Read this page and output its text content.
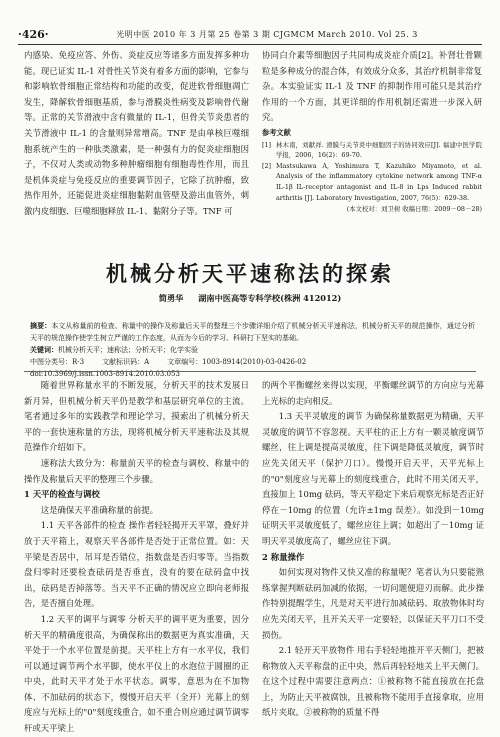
·426·	光明中医 2010 年 3 月第 25 卷第 3 期 CJGMCM March 2010. Vol 25. 3

内感染、免疫应答、外伤、炎症反应等诸多方面发挥多种功能。现已证实 IL-1 对骨性关节炎有着多方面的影响，它参与和影响软骨细胞正常结构和功能的改变，促进软骨细胞凋亡发生，降解软骨细胞基质，参与滑膜炎性病变及影响骨代谢等。正常的关节滑液中含有微量的 IL-1，但骨关节炎患者的关节滑液中 IL-1 的含量则异常增高。TNF 是由单核巨噬细胞系统产生的一种肽类激素，是一种强有力的促炎症细胞因子，不仅对人类或动物多种肿瘤细胞有细胞毒性作用，而且是机体炎症与免疫反应的重要调节因子，它除了抗肿瘤，致热作用外，还能促进炎症细胞黏附血管壁及游出血管外，刺激内皮细胞、巨噬细胞释放 IL-1、黏附分子等。TNF 可

协同白介素等细胞因子共同构成炎症介质[2]。补肾壮骨颗粒是多种成分的混合体，有效成分众多，其治疗机制非常复杂。本实验证实 IL-1 及 TNF 的抑制作用可能只是其治疗作用的一个方面，其更详细的作用机制还需进一步深入研究。

参考文献
[1] 林木南，刘献祥. 滑膜与关节炎中细胞因子的协同效应[J]. 福建中医学院学报，2006，16(2)：69-70.
[2] Mastsukawa A, Yoshimura T, Kazuhiko Miyamoto, et al. Analysis of the inflammatory cytokine network among TNF-α IL-1β IL-receptor antagonist and IL-8 in Lps Induced rabbit arthritis [J]. Laboratory Investigation, 2007, 76(5)：629-38.
(本文校对：刘卫树 收稿日期：2009－08－28)
机械分析天平速称法的探索
简勇华 湖南中医高等专科学校(株洲 412012)

摘要：本文从称量前的检查、称量中的操作及称量后天平的整理三个步骤详细介绍了机械分析天平速称法，机械分析天平的规范操作，通过分析天平的规范操作使学生树立严谨的工作态度，从而为今后的学习、科研打下坚实的基础。

关键词：机械分析天平；速称法；分析天平；化学实验

中图分类号：R-3	文献标识码：A	文章编号：1003-8914(2010)-03-0426-02

doi:10.3969/j.issn.1003-8914.2010.03.053

随着世界称量水平的不断发展，分析天平的技术发展日新月异，但机械分析天平仍是教学和基层研究单位的主流。笔者通过多年的实践教学和理论学习，摸索出了机械分析天平的一套快速称量的方法，现将机械分析天平速称法及其规范操作介绍如下。

速称法大致分为：称量前天平的检查与调校、称量中的操作及称量后天平的整理三个步骤。

1 天平的检查与调校

这是确保天平准确称量的前提。

1.1 天平各部件的检查 操作者轻轻揭开天平罩，叠好并放于天平箱上，观察天平各部件是否处于正常位置。如：天平梁是否居中，吊耳是否错位，指数盘是否归零等。当指数盘归零时还要检查砝码是否垂直，没有的要在砝码盒中找出，砝码是否掉落等。当天平不正确的情况应立即向老师报告，是否擅自处理。

1.2 天平的调平与调零 分析天平的调平更为重要，因分析天平的精确度很高，为确保称出的数据更为真实准确，天平处于一个水平位置是前提。天平柱上方有一水平仪，我们可以通过调节两个水平脚，使水平仪上的水泡位于圆圈的正中央，此时天平才处于水平状态。调零，意思为在不加物体、不加砝码的状态下，慢慢开启天平（全开）光幕上的刻度应与光标上的"0"刻度线重合，如不重合则应通过调节调零杆或天平梁上

的两个平衡螺丝来得以实现，平衡螺丝调节的方向应与光幕上光标的走向相反。

1.3 天平灵敏度的调节 为确保称量数据更为精确，天平灵敏度的调节不容忽视。天平柱的正上方有一颗灵敏度调节螺丝，往上调是提高灵敏度，往下调是降低灵敏度，调节时应先关闭天平（保护刀口）。慢慢开启天平，天平光标上的"0"刻度应与光幕上的刻度线重合，此时不用关闭天平，直接加上 10mg 砝码，等天平稳定下来后观察光标是否正好停在－10mg 的位置（允许±1mg 误差）。如没到－10mg 证明天平灵敏度低了，螺丝应往上调；如超出了－10mg 证明天平灵敏度高了，螺丝应往下调。

2 称量操作

如何实现对物件又快又准的称量呢？笔者认为只要能熟练掌握判断砝码加减的依据，一切问题便迎刃而解。此步操作特别提醒学生，凡是对天平进行加减砝码、取放物体时均应先关闭天平，且开关天平一定要轻，以保证天平刀口不受损伤。

2.1 轻开天平放物件 用右手轻轻地推开平天侧门，把被称物放入天平称盘的正中央，然后再轻轻地关上平天侧门。在这个过程中需要注意两点：①被称物不能直接放在托盘上，为防止天平被腐蚀，且被称物不能用手直接拿取，应用纸片夹取。②被称物的质量不得
